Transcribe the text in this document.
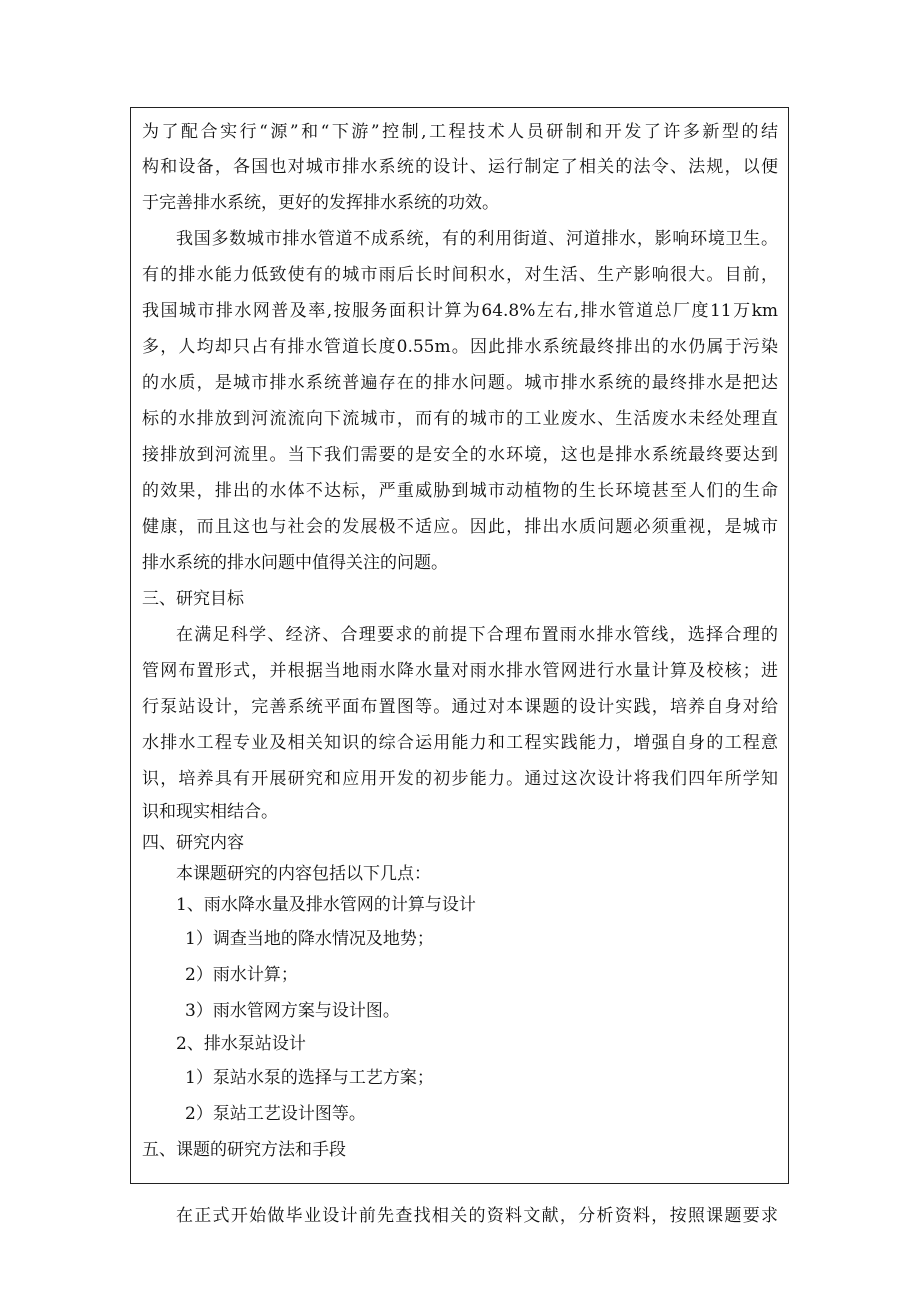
为了配合实行“源”和“下游”控制,工程技术人员研制和开发了许多新型的结
构和设备，各国也对城市排水系统的设计、运行制定了相关的法令、法规，以便
于完善排水系统，更好的发挥排水系统的功效。
我国多数城市排水管道不成系统，有的利用街道、河道排水，影响环境卫生。
有的排水能力低致使有的城市雨后长时间积水，对生活、生产影响很大。目前，
我国城市排水网普及率,按服务面积计算为64.8%左右,排水管道总厂度11万km
多，人均却只占有排水管道长度0.55m。因此排水系统最终排出的水仍属于污染
的水质，是城市排水系统普遍存在的排水问题。城市排水系统的最终排水是把达
标的水排放到河流流向下流城市，而有的城市的工业废水、生活废水未经处理直
接排放到河流里。当下我们需要的是安全的水环境，这也是排水系统最终要达到
的效果，排出的水体不达标，严重威胁到城市动植物的生长环境甚至人们的生命
健康，而且这也与社会的发展极不适应。因此，排出水质问题必须重视，是城市
排水系统的排水问题中值得关注的问题。
三、研究目标
在满足科学、经济、合理要求的前提下合理布置雨水排水管线，选择合理的
管网布置形式，并根据当地雨水降水量对雨水排水管网进行水量计算及校核；进
行泵站设计，完善系统平面布置图等。通过对本课题的设计实践，培养自身对给
水排水工程专业及相关知识的综合运用能力和工程实践能力，增强自身的工程意
识，培养具有开展研究和应用开发的初步能力。通过这次设计将我们四年所学知
识和现实相结合。
四、研究内容
本课题研究的内容包括以下几点：
1、雨水降水量及排水管网的计算与设计
1）调查当地的降水情况及地势；
2）雨水计算；
3）雨水管网方案与设计图。
2、排水泵站设计
1）泵站水泵的选择与工艺方案；
2）泵站工艺设计图等。
五、课题的研究方法和手段
在正式开始做毕业设计前先查找相关的资料文献，分析资料，按照课题要求
